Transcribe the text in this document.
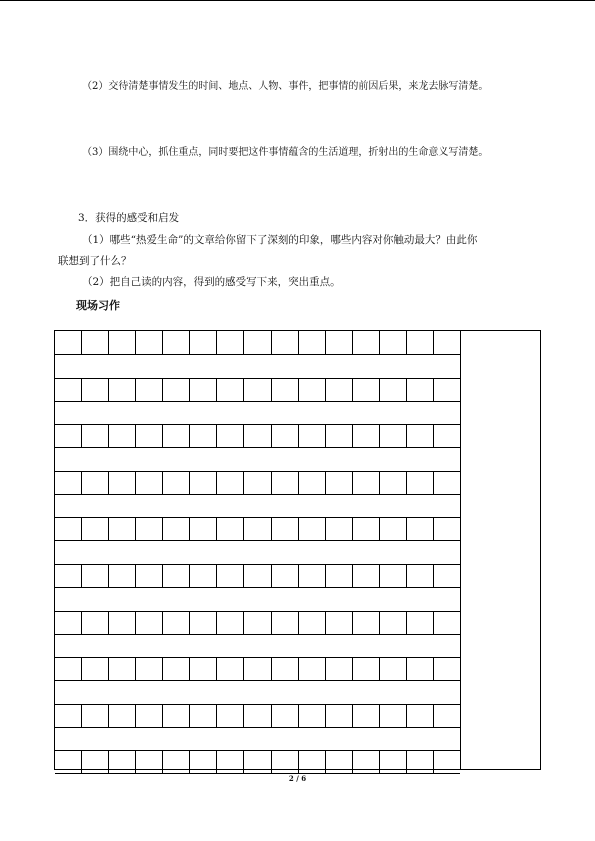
（2）交待清楚事情发生的时间、地点、人物、事件，把事情的前因后果，来龙去脉写清楚。
（3）围绕中心，抓住重点，同时要把这件事情蕴含的生活道理，折射出的生命意义写清楚。
3．获得的感受和启发
（1）哪些“热爱生命”的文章给你留下了深刻的印象，哪些内容对你触动最大？由此你
联想到了什么？
（2）把自己读的内容，得到的感受写下来，突出重点。
现场习作
2 / 6
